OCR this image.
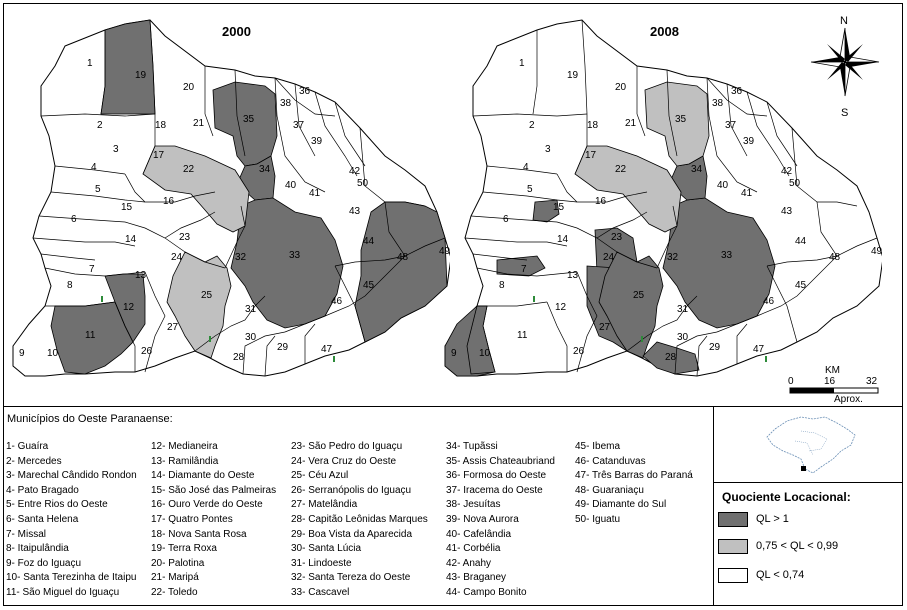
1
2
3
4
5
6
7
8
9 10
11
12
13
14
15
16
17
18
19
20
21
22
23
24
25
26
27
28
29
30
31
32	33
34
35
36
37
38
39
40
41
42
43
44
45
46
47
48
49
50
2000
1
2
3
4
5
6
7
8
9 10
11
12
13
14
15
16
17
18
19
20
21
22
23
24
25
26
27
28
29
30
31
32	33
34
35
36
37
38
39
40
41
42
43
44
45
46
47
48
49
50
2008
N
S
KM
0	16	32
Aprox.
Municípios do Oeste Paranaense:
1- Guaíra
2- Mercedes
3- Marechal Cândido Rondon
4- Pato Bragado
5- Entre Rios do Oeste
6- Santa Helena
7- Missal
8- Itaipulândia
9- Foz do Iguaçu
10- Santa Terezinha de Itaipu
11- São Miguel do Iguaçu
12- Medianeira
13- Ramilândia
14- Diamante do Oeste
15- São José das Palmeiras
16- Ouro Verde do Oeste
17- Quatro Pontes
18- Nova Santa Rosa
19- Terra Roxa
20- Palotina
21- Maripá
22- Toledo
23- São Pedro do Iguaçu
24- Vera Cruz do Oeste
25- Céu Azul
26- Serranópolis do Iguaçu
27- Matelândia
28- Capitão Leônidas Marques
29- Boa Vista da Aparecida
30- Santa Lúcia
31- Lindoeste
32- Santa Tereza do Oeste
33- Cascavel
34- Tupãssi
35- Assis Chateaubriand
36- Formosa do Oeste
37- Iracema do Oeste
38- Jesuítas
39- Nova Aurora
40- Cafelândia
41- Corbélia
42- Anahy
43- Braganey
44- Campo Bonito
45- Ibema
46- Catanduvas
47- Três Barras do Paraná
48- Guaraniaçu
49- Diamante do Sul
50- Iguatu
Quociente Locacional:
QL > 1
0,75 < QL < 0,99
QL < 0,74
